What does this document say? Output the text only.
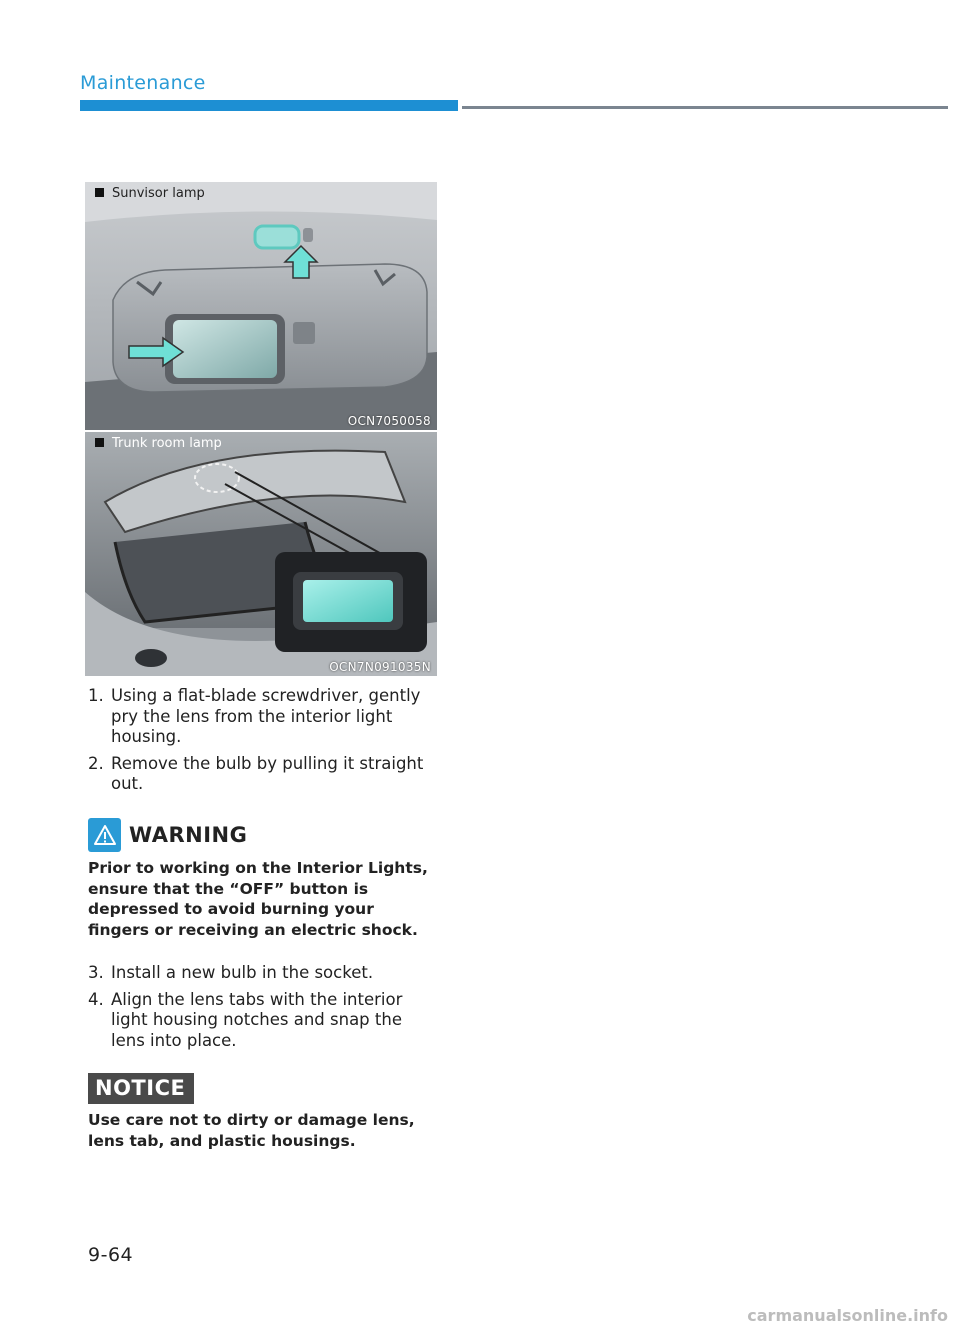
Maintenance
Sunvisor lamp
OCN7050058
Trunk room lamp
OCN7N091035N
1. Using a flat-blade screwdriver, gently pry the lens from the interior light housing.
2. Remove the bulb by pulling it straight out.
WARNING
Prior to working on the Interior Lights, ensure that the “OFF” button is depressed to avoid burning your fingers or receiving an electric shock.
3. Install a new bulb in the socket.
4. Align the lens tabs with the interior light housing notches and snap the lens into place.
NOTICE
Use care not to dirty or damage lens, lens tab, and plastic housings.
9-64
carmanualsonline.info
